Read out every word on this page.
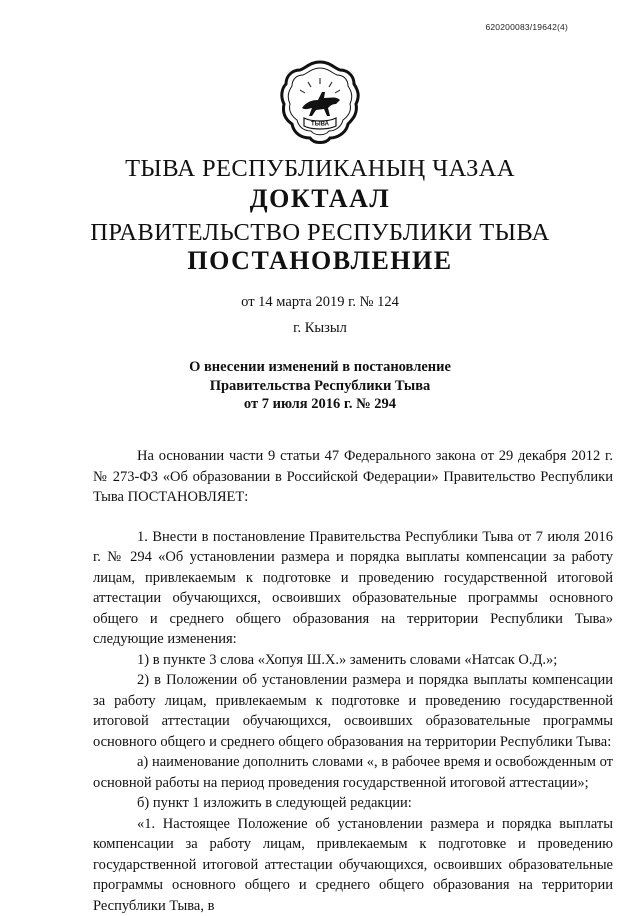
620200083/19642(4)
ТЫВА
ТЫВА РЕСПУБЛИКАНЫҢ ЧАЗАА
ДОКТААЛ
ПРАВИТЕЛЬСТВО РЕСПУБЛИКИ ТЫВА
ПОСТАНОВЛЕНИЕ
от 14 марта 2019 г. № 124
г. Кызыл
О внесении изменений в постановление
Правительства Республики Тыва
от 7 июля 2016 г. № 294

На основании части 9 статьи 47 Федерального закона от 29 декабря 2012 г. № 273-ФЗ «Об образовании в Российской Федерации» Правительство Республики Тыва ПОСТАНОВЛЯЕТ:

1. Внести в постановление Правительства Республики Тыва от 7 июля 2016 г. № 294 «Об установлении размера и порядка выплаты компенсации за работу лицам, привлекаемым к подготовке и проведению государственной итоговой аттестации обучающихся, освоивших образовательные программы основного общего и среднего общего образования на территории Республики Тыва» следующие изменения:

1) в пункте 3 слова «Хопуя Ш.Х.» заменить словами «Натсак О.Д.»;

2) в Положении об установлении размера и порядка выплаты компенсации за работу лицам, привлекаемым к подготовке и проведению государственной итоговой аттестации обучающихся, освоивших образовательные программы основного общего и среднего общего образования на территории Республики Тыва:

а) наименование дополнить словами «, в рабочее время и освобожденным от основной работы на период проведения государственной итоговой аттестации»;

б) пункт 1 изложить в следующей редакции:

«1. Настоящее Положение об установлении размера и порядка выплаты компенсации за работу лицам, привлекаемым к подготовке и проведению государственной итоговой аттестации обучающихся, освоивших образовательные программы основного общего и среднего общего образования на территории Республики Тыва, в
